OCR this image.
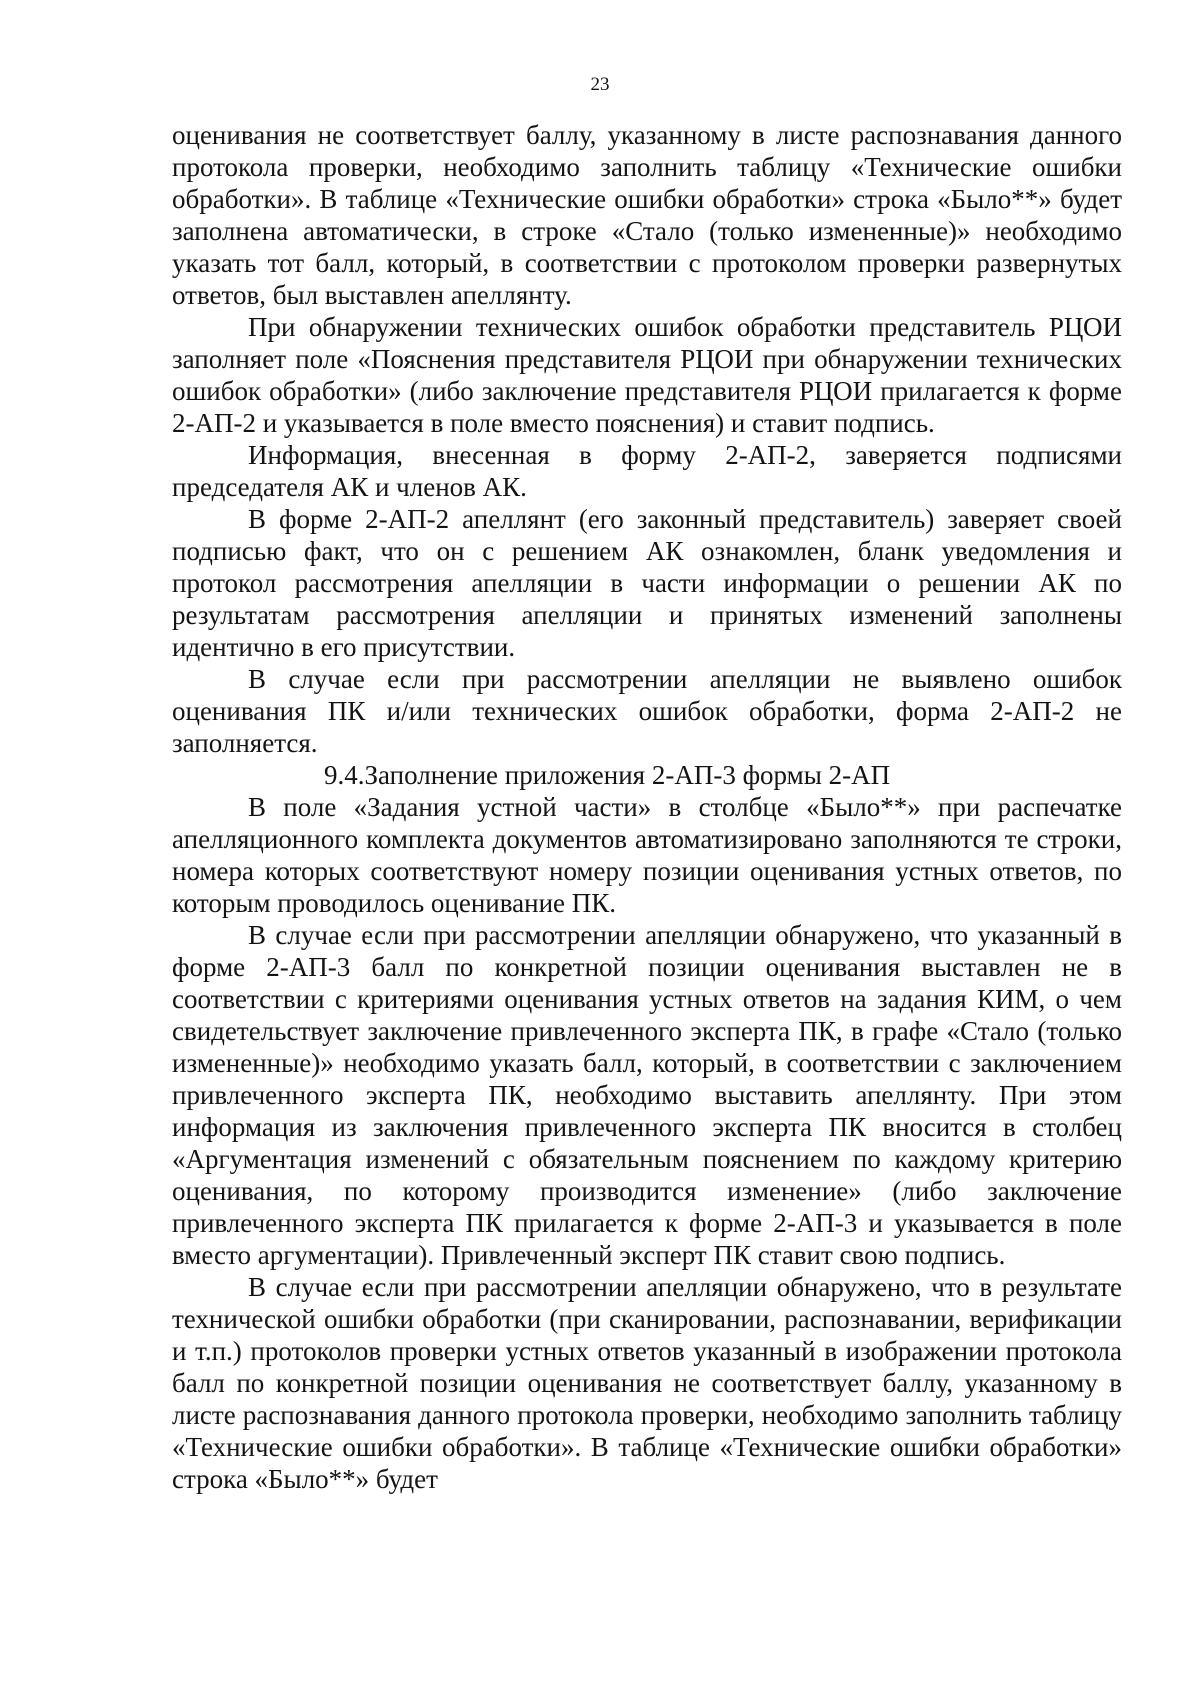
23

оценивания не соответствует баллу, указанному в листе распознавания данного протокола проверки, необходимо заполнить таблицу «Технические ошибки обработки». В таблице «Технические ошибки обработки» строка «Было**» будет заполнена автоматически, в строке «Стало (только измененные)» необходимо указать тот балл, который, в соответствии с протоколом проверки развернутых ответов, был выставлен апеллянту.

При обнаружении технических ошибок обработки представитель РЦОИ заполняет поле «Пояснения представителя РЦОИ при обнаружении технических ошибок обработки» (либо заключение представителя РЦОИ прилагается к форме 2-АП-2 и указывается в поле вместо пояснения) и ставит подпись.

Информация, внесенная в форму 2-АП-2, заверяется подписями председателя АК и членов АК.

В форме 2-АП-2 апеллянт (его законный представитель) заверяет своей подписью факт, что он с решением АК ознакомлен, бланк уведомления и протокол рассмотрения апелляции в части информации о решении АК по результатам рассмотрения апелляции и принятых изменений заполнены идентично в его присутствии.

В случае если при рассмотрении апелляции не выявлено ошибок оценивания ПК и/или технических ошибок обработки, форма 2-АП-2 не заполняется.

9.4.Заполнение приложения 2-АП-3 формы 2-АП

В поле «Задания устной части» в столбце «Было**» при распечатке апелляционного комплекта документов автоматизировано заполняются те строки, номера которых соответствуют номеру позиции оценивания устных ответов, по которым проводилось оценивание ПК.

В случае если при рассмотрении апелляции обнаружено, что указанный в форме 2-АП-3 балл по конкретной позиции оценивания выставлен не в соответствии с критериями оценивания устных ответов на задания КИМ, о чем свидетельствует заключение привлеченного эксперта ПК, в графе «Стало (только измененные)» необходимо указать балл, который, в соответствии с заключением привлеченного эксперта ПК, необходимо выставить апеллянту. При этом информация из заключения привлеченного эксперта ПК вносится в столбец «Аргументация изменений с обязательным пояснением по каждому критерию оценивания, по которому производится изменение» (либо заключение привлеченного эксперта ПК прилагается к форме 2-АП-3 и указывается в поле вместо аргументации). Привлеченный эксперт ПК ставит свою подпись.

В случае если при рассмотрении апелляции обнаружено, что в результате технической ошибки обработки (при сканировании, распознавании, верификации и т.п.) протоколов проверки устных ответов указанный в изображении протокола балл по конкретной позиции оценивания не соответствует баллу, указанному в листе распознавания данного протокола проверки, необходимо заполнить таблицу «Технические ошибки обработки». В таблице «Технические ошибки обработки» строка «Было**» будет
